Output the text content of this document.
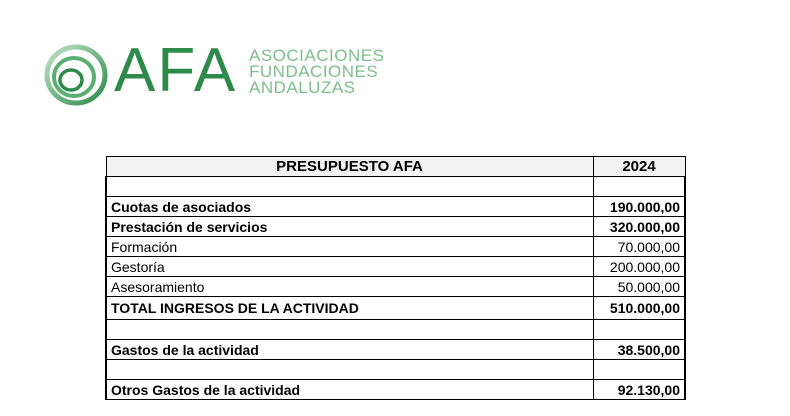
AFA ASOCIACIONES
FUNDACIONES
ANDALUZAS
PRESUPUESTO AFA	2024

Cuotas de asociados	190.000,00
Prestación de servicios	320.000,00
Formación	70.000,00
Gestoría	200.000,00
Asesoramiento	50.000,00
TOTAL INGRESOS DE LA ACTIVIDAD	510.000,00

Gastos de la actividad	38.500,00

Otros Gastos de la actividad	92.130,00
